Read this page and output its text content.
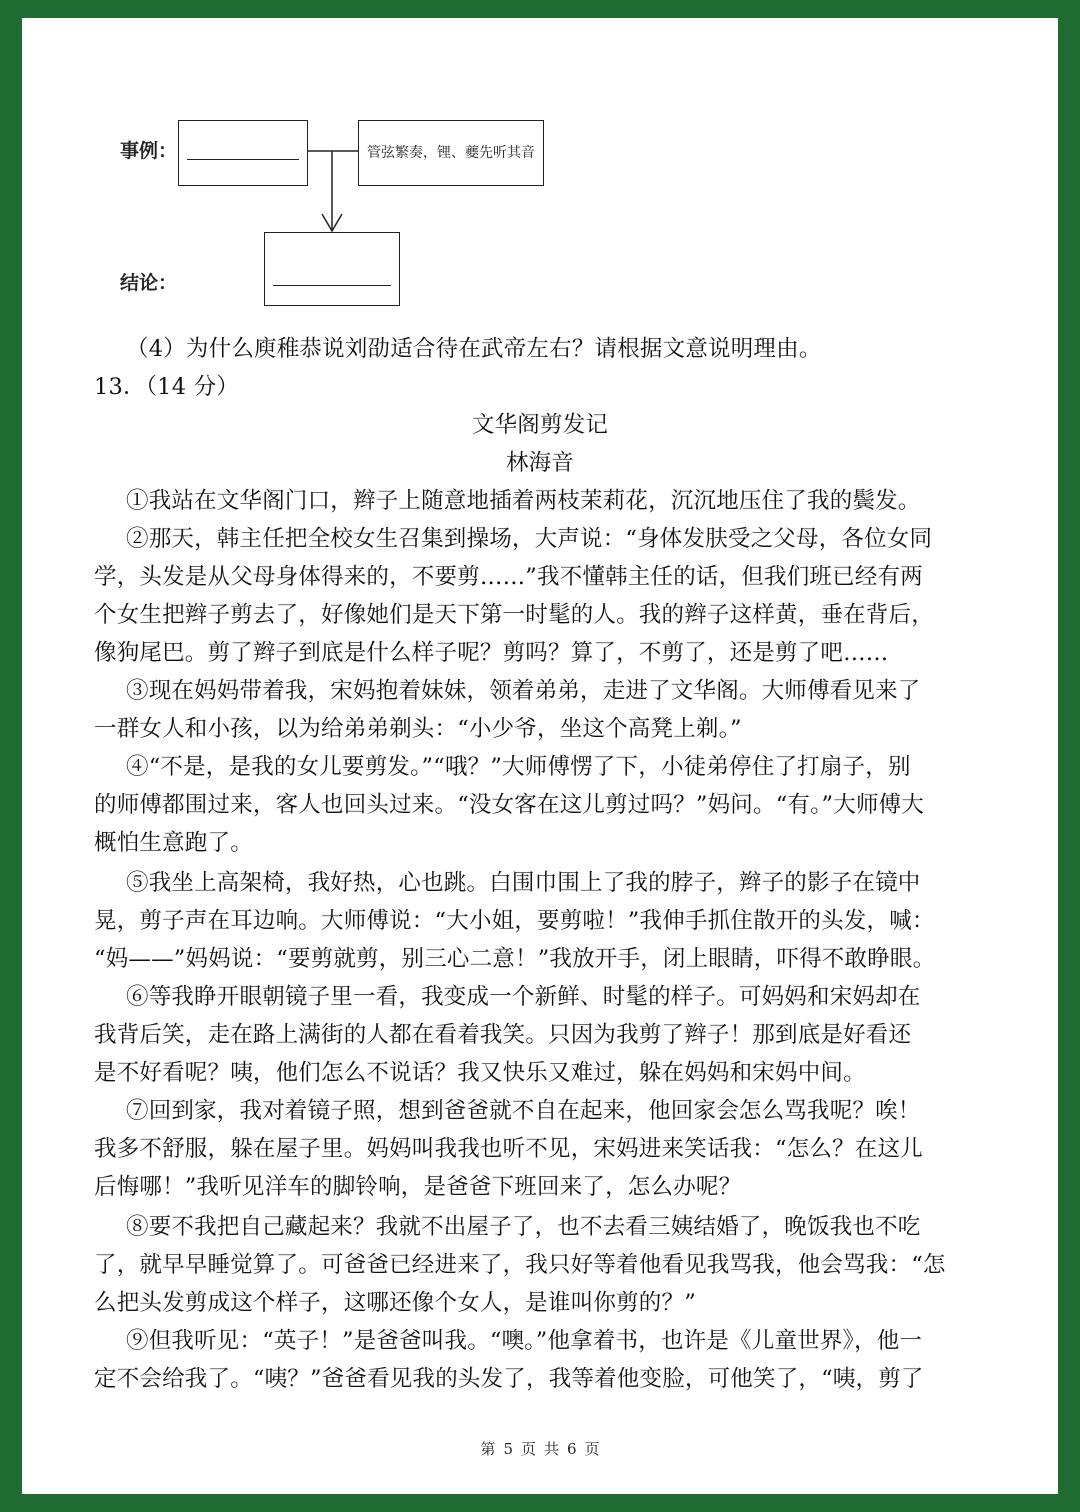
事例：	管弦繁奏，锂、夔先听其音
结论：
（4）为什么庾稚恭说刘劭适合待在武帝左右？请根据文意说明理由。
13．（14 分）
文华阁剪发记
林海音
①我站在文华阁门口，辫子上随意地插着两枝茉莉花，沉沉地压住了我的鬓发。
②那天，韩主任把全校女生召集到操场，大声说：“身体发肤受之父母，各位女同
学，头发是从父母身体得来的，不要剪……”我不懂韩主任的话，但我们班已经有两
个女生把辫子剪去了，好像她们是天下第一时髦的人。我的辫子这样黄，垂在背后，
像狗尾巴。剪了辫子到底是什么样子呢？剪吗？算了，不剪了，还是剪了吧……
③现在妈妈带着我，宋妈抱着妹妹，领着弟弟，走进了文华阁。大师傅看见来了
一群女人和小孩，以为给弟弟剃头：“小少爷，坐这个高凳上剃。”
④“不是，是我的女儿要剪发。”“哦？”大师傅愣了下，小徒弟停住了打扇子，别
的师傅都围过来，客人也回头过来。“没女客在这儿剪过吗？”妈问。“有。”大师傅大
概怕生意跑了。
⑤我坐上高架椅，我好热，心也跳。白围巾围上了我的脖子，辫子的影子在镜中
晃，剪子声在耳边响。大师傅说：“大小姐，要剪啦！”我伸手抓住散开的头发，喊：
“妈——”妈妈说：“要剪就剪，别三心二意！”我放开手，闭上眼睛，吓得不敢睁眼。
⑥等我睁开眼朝镜子里一看，我变成一个新鲜、时髦的样子。可妈妈和宋妈却在
我背后笑，走在路上满街的人都在看着我笑。只因为我剪了辫子！那到底是好看还
是不好看呢？咦，他们怎么不说话？我又快乐又难过，躲在妈妈和宋妈中间。
⑦回到家，我对着镜子照，想到爸爸就不自在起来，他回家会怎么骂我呢？唉！
我多不舒服，躲在屋子里。妈妈叫我我也听不见，宋妈进来笑话我：“怎么？在这儿
后悔哪！”我听见洋车的脚铃响，是爸爸下班回来了，怎么办呢？
⑧要不我把自己藏起来？我就不出屋子了，也不去看三姨结婚了，晚饭我也不吃
了，就早早睡觉算了。可爸爸已经进来了，我只好等着他看见我骂我，他会骂我：“怎
么把头发剪成这个样子，这哪还像个女人，是谁叫你剪的？”
⑨但我听见：“英子！”是爸爸叫我。“噢。”他拿着书，也许是《儿童世界》，他一
定不会给我了。“咦？”爸爸看见我的头发了，我等着他变脸，可他笑了，“咦，剪了
第 5 页 共 6 页
